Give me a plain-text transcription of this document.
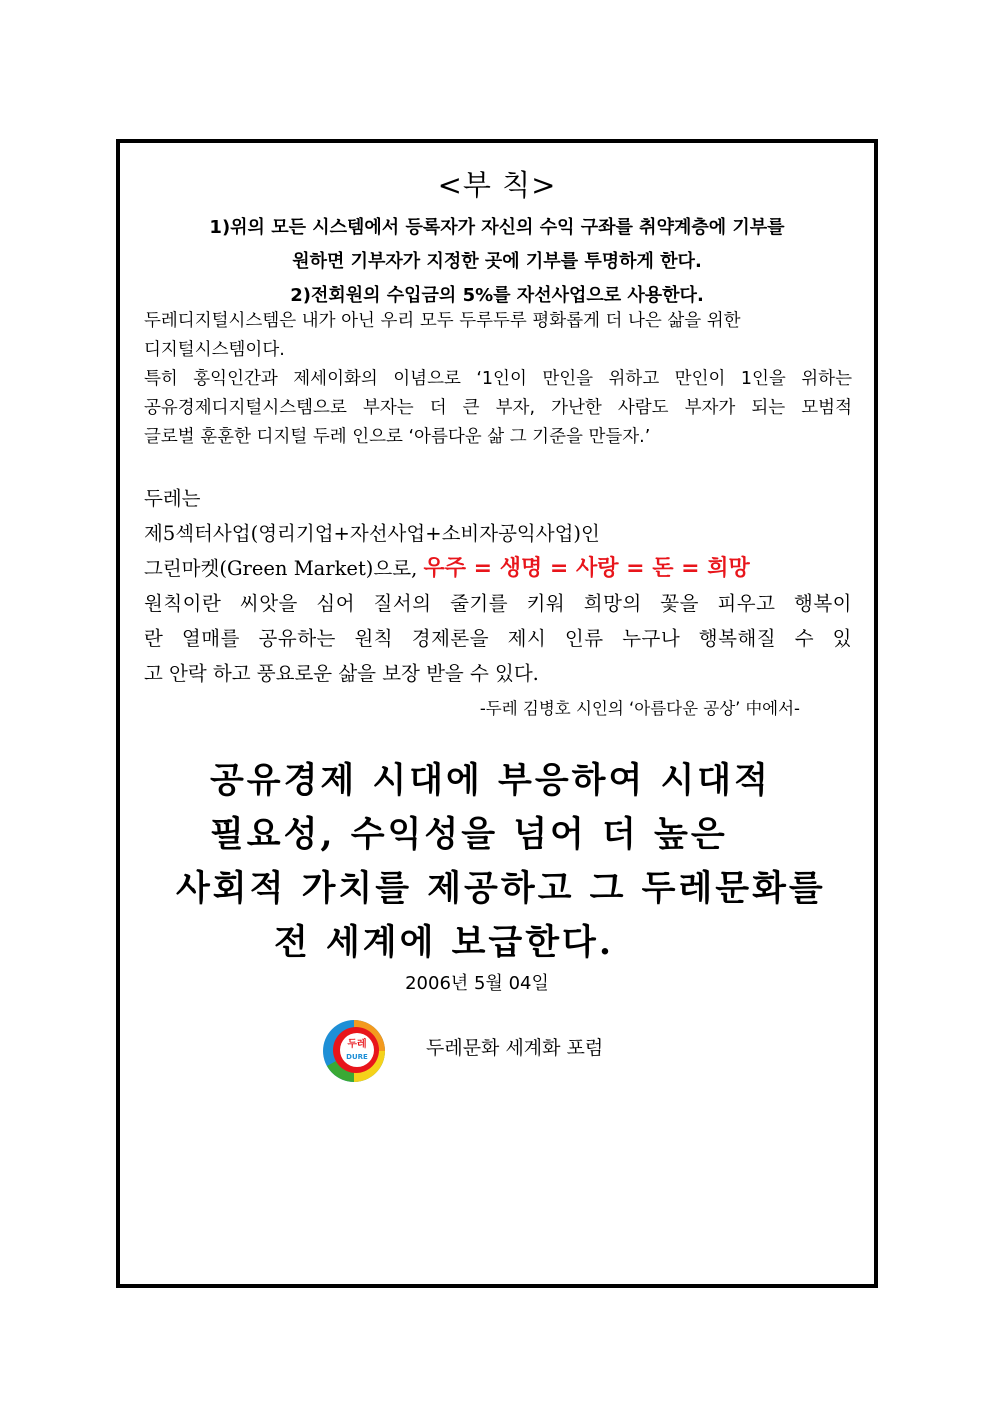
<부 칙>
1)위의 모든 시스템에서 등록자가 자신의 수익 구좌를 취약계층에 기부를
원하면 기부자가 지정한 곳에 기부를 투명하게 한다.
2)전회원의 수입금의 5%를 자선사업으로 사용한다.
두레디지털시스템은 내가 아닌 우리 모두 두루두루 평화롭게 더 나은 삶을 위한
디지털시스템이다.
특히 홍익인간과 제세이화의 이념으로 ‘1인이 만인을 위하고 만인이 1인을 위하는
공유경제디지털시스템으로 부자는 더 큰 부자, 가난한 사람도 부자가 되는 모범적
글로벌 훈훈한 디지털 두레 인으로 ‘아름다운 삶 그 기준을 만들자.’
두레는
제5섹터사업(영리기업+자선사업+소비자공익사업)인
그린마켓(Green Market)으로, 우주 = 생명 = 사랑 = 돈 = 희망
원칙이란 씨앗을 심어 질서의 줄기를 키워 희망의 꽃을 피우고 행복이
란 열매를 공유하는 원칙 경제론을 제시 인류 누구나 행복해질 수 있
고 안락 하고 풍요로운 삶을 보장 받을 수 있다.
-두레 김병호 시인의 ‘아름다운 공상’ 中에서-
공유경제 시대에 부응하여 시대적
필요성, 수익성을 넘어 더 높은
사회적 가치를 제공하고 그 두레문화를
전 세계에 보급한다.
2006년 5월 04일
두레
DURE	두레문화 세계화 포럼
